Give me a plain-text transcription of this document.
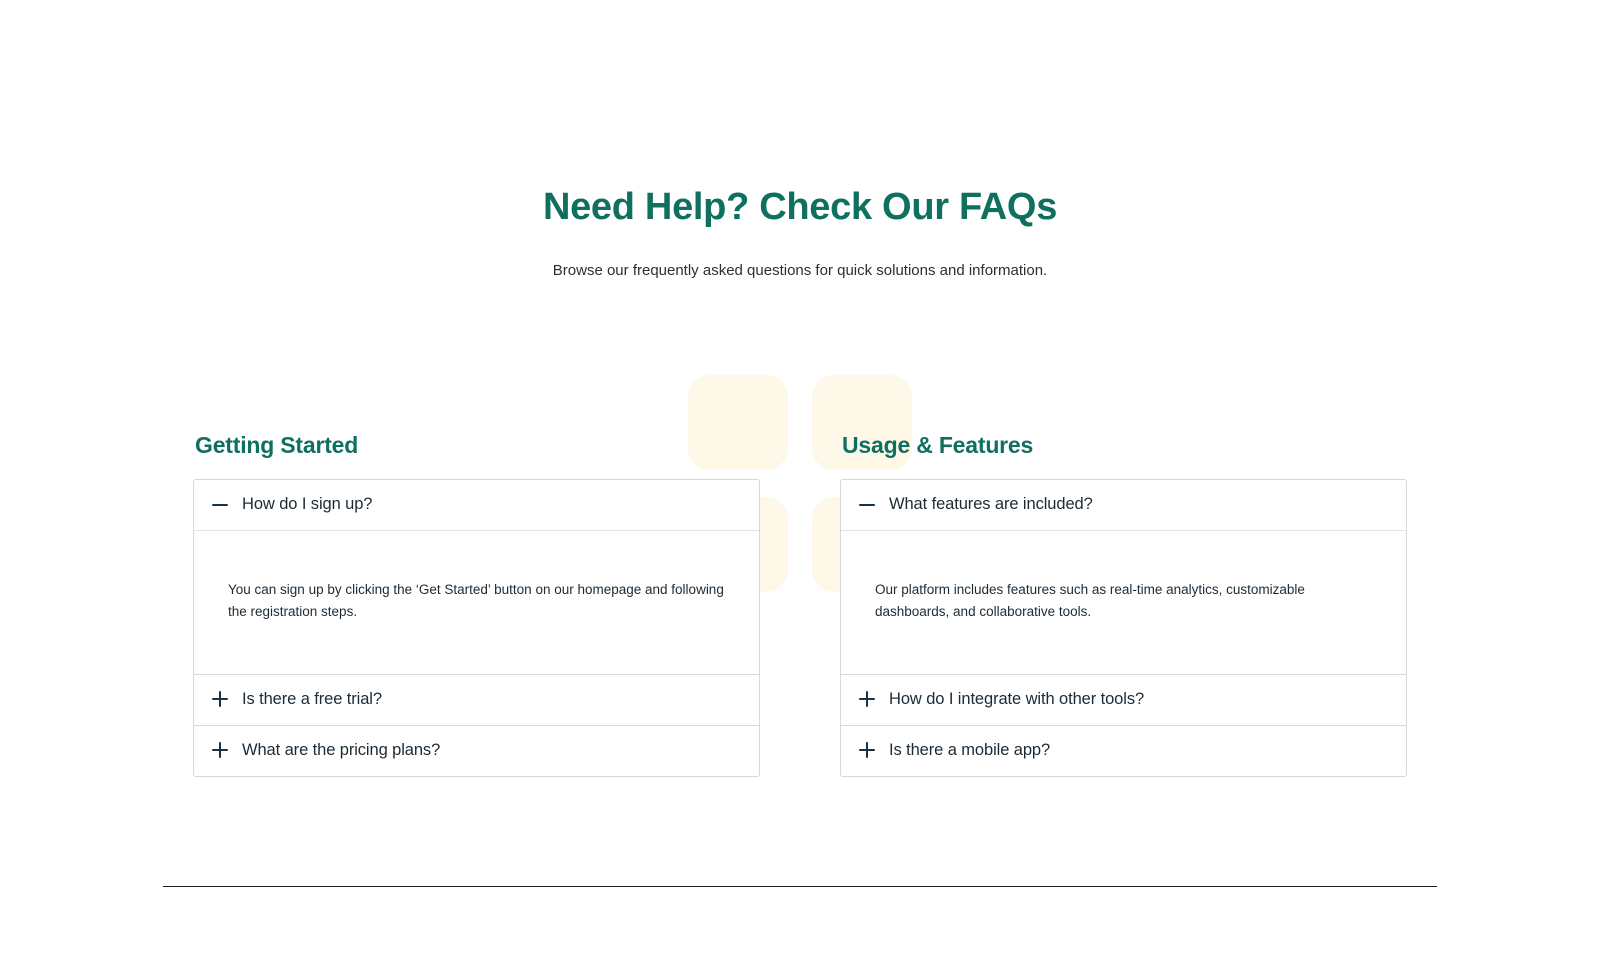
Need Help? Check Our FAQs

Browse our frequently asked questions for quick solutions and information.

Getting Started
How do I sign up?

You can sign up by clicking the ‘Get Started’ button on our homepage and following the registration steps.

Is there a free trial?
What are the pricing plans?
Usage & Features
What features are included?

Our platform includes features such as real-time analytics, customizable dashboards, and collaborative tools.

How do I integrate with other tools?
Is there a mobile app?
